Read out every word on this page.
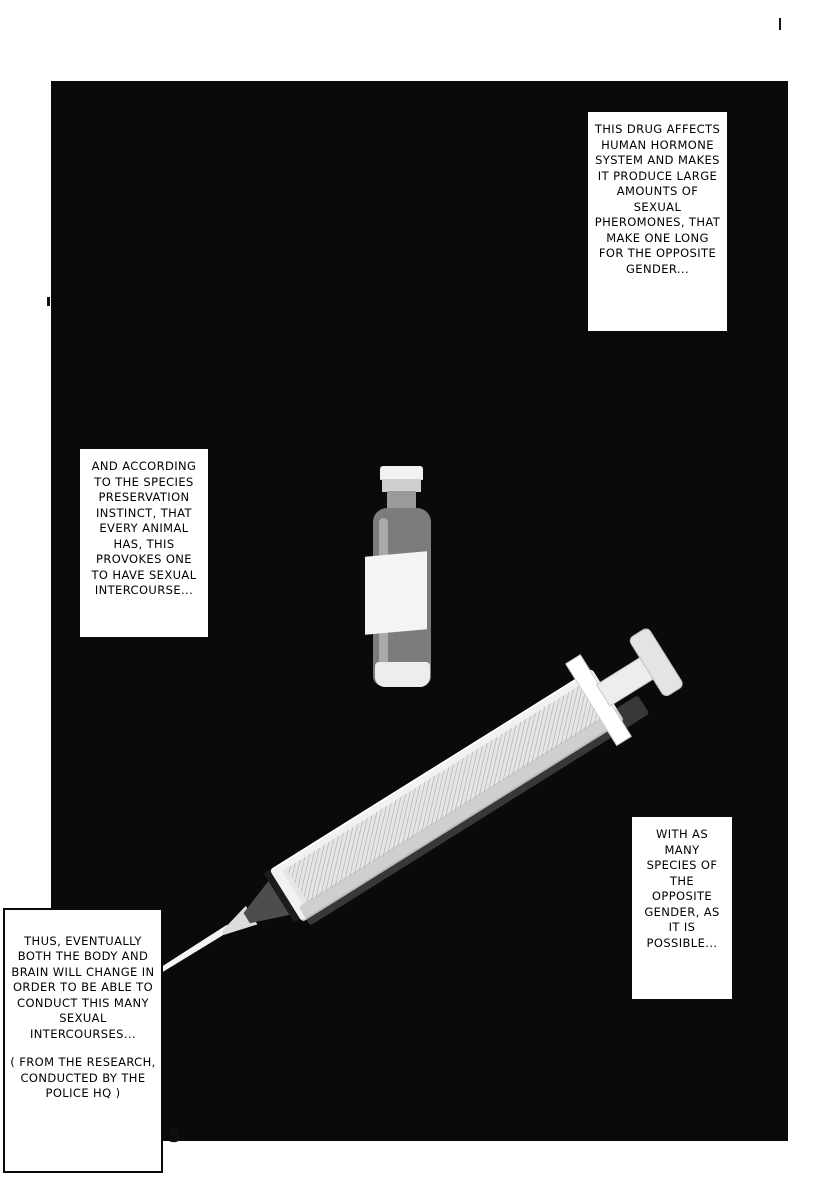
THIS DRUG AFFECTS HUMAN HORMONE SYSTEM AND MAKES IT PRODUCE LARGE AMOUNTS OF SEXUAL PHEROMONES, THAT MAKE ONE LONG FOR THE OPPOSITE GENDER...
AND ACCORDING TO THE SPECIES PRESERVATION INSTINCT, THAT EVERY ANIMAL HAS, THIS PROVOKES ONE TO HAVE SEXUAL INTERCOURSE...
WITH AS MANY SPECIES OF THE OPPOSITE GENDER, AS IT IS POSSIBLE...

THUS, EVENTUALLY BOTH THE BODY AND BRAIN WILL CHANGE IN ORDER TO BE ABLE TO CONDUCT THIS MANY SEXUAL INTERCOURSES...

( FROM THE RESEARCH, CONDUCTED BY THE POLICE HQ )

5
